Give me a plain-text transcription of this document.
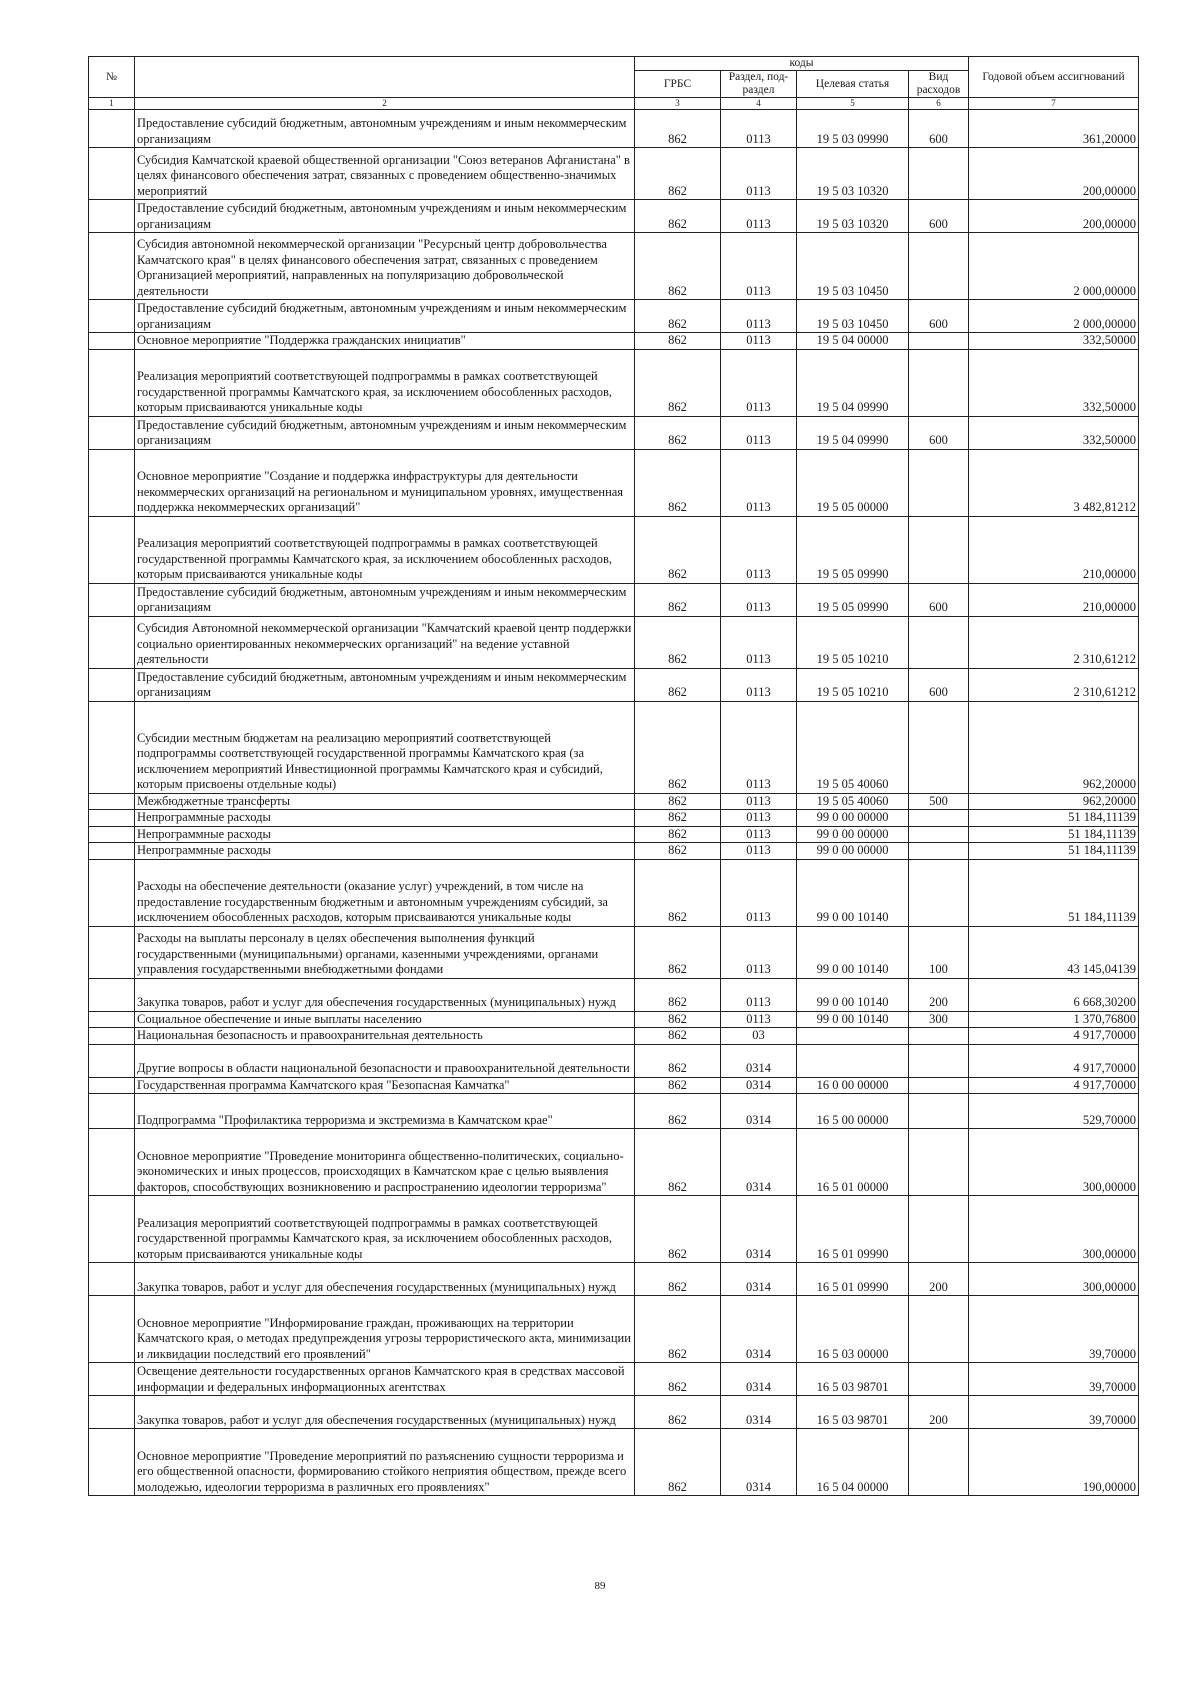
№		коды				Годовой объем ассигнований
		ГРБС	Раздел, под-раздел	Целевая статья	Вид расходов	
1	2	3	4	5	6	7
	Предоставление субсидий бюджетным, автономным учреждениям и иным некоммерческим организациям	862	0113	19 5 03 09990	600	361,20000
	Субсидия Камчатской краевой общественной организации "Союз ветеранов Афганистана" в целях финансового обеспечения затрат, связанных с проведением общественно-значимых мероприятий	862	0113	19 5 03 10320		200,00000
	Предоставление субсидий бюджетным, автономным учреждениям и иным некоммерческим организациям	862	0113	19 5 03 10320	600	200,00000
	Субсидия автономной некоммерческой организации "Ресурсный центр добровольчества Камчатского края" в целях финансового обеспечения затрат, связанных с проведением Организацией мероприятий, направленных на популяризацию добровольческой деятельности	862	0113	19 5 03 10450		2 000,00000
	Предоставление субсидий бюджетным, автономным учреждениям и иным некоммерческим организациям	862	0113	19 5 03 10450	600	2 000,00000
	Основное мероприятие "Поддержка гражданских инициатив"	862	0113	19 5 04 00000		332,50000
	Реализация мероприятий соответствующей подпрограммы в рамках соответствующей государственной программы Камчатского края, за исключением обособленных расходов, которым присваиваются уникальные коды	862	0113	19 5 04 09990		332,50000
	Предоставление субсидий бюджетным, автономным учреждениям и иным некоммерческим организациям	862	0113	19 5 04 09990	600	332,50000
	Основное мероприятие "Создание и поддержка инфраструктуры для деятельности некоммерческих организаций на региональном и муниципальном уровнях, имущественная поддержка некоммерческих организаций"	862	0113	19 5 05 00000		3 482,81212
	Реализация мероприятий соответствующей подпрограммы в рамках соответствующей государственной программы Камчатского края, за исключением обособленных расходов, которым присваиваются уникальные коды	862	0113	19 5 05 09990		210,00000
	Предоставление субсидий бюджетным, автономным учреждениям и иным некоммерческим организациям	862	0113	19 5 05 09990	600	210,00000
	Субсидия Автономной некоммерческой организации "Камчатский краевой центр поддержки социально ориентированных некоммерческих организаций" на ведение уставной деятельности	862	0113	19 5 05 10210		2 310,61212
	Предоставление субсидий бюджетным, автономным учреждениям и иным некоммерческим организациям	862	0113	19 5 05 10210	600	2 310,61212
	Субсидии местным бюджетам на реализацию мероприятий соответствующей подпрограммы соответствующей государственной программы Камчатского края (за исключением мероприятий Инвестиционной программы Камчатского края и субсидий, которым присвоены отдельные коды)	862	0113	19 5 05 40060		962,20000
	Межбюджетные трансферты	862	0113	19 5 05 40060	500	962,20000
	Непрограммные расходы	862	0113	99 0 00 00000		51 184,11139
	Непрограммные расходы	862	0113	99 0 00 00000		51 184,11139
	Непрограммные расходы	862	0113	99 0 00 00000		51 184,11139
	Расходы на обеспечение деятельности (оказание услуг) учреждений, в том числе на предоставление государственным бюджетным и автономным учреждениям субсидий, за исключением обособленных расходов, которым присваиваются уникальные коды	862	0113	99 0 00 10140		51 184,11139
	Расходы на выплаты персоналу в целях обеспечения выполнения функций государственными (муниципальными) органами, казенными учреждениями, органами управления государственными внебюджетными фондами	862	0113	99 0 00 10140	100	43 145,04139
	Закупка товаров, работ и услуг для обеспечения государственных (муниципальных) нужд	862	0113	99 0 00 10140	200	6 668,30200
	Социальное обеспечение и иные выплаты населению	862	0113	99 0 00 10140	300	1 370,76800
	Национальная безопасность и правоохранительная деятельность	862	03			4 917,70000
	Другие вопросы в области национальной безопасности и правоохранительной деятельности	862	0314			4 917,70000
	Государственная программа Камчатского края "Безопасная Камчатка"	862	0314	16 0 00 00000		4 917,70000
	Подпрограмма "Профилактика терроризма и экстремизма в Камчатском крае"	862	0314	16 5 00 00000		529,70000
	Основное мероприятие "Проведение мониторинга общественно-политических, социально-экономических и иных процессов, происходящих в Камчатском крае с целью выявления факторов, способствующих возникновению и распространению идеологии терроризма"	862	0314	16 5 01 00000		300,00000
	Реализация мероприятий соответствующей подпрограммы в рамках соответствующей государственной программы Камчатского края, за исключением обособленных расходов, которым присваиваются уникальные коды	862	0314	16 5 01 09990		300,00000
	Закупка товаров, работ и услуг для обеспечения государственных (муниципальных) нужд	862	0314	16 5 01 09990	200	300,00000
	Основное мероприятие "Информирование граждан, проживающих на территории Камчатского края, о методах предупреждения угрозы террористического акта, минимизации и ликвидации последствий его проявлений"	862	0314	16 5 03 00000		39,70000
	Освещение деятельности государственных органов Камчатского края в средствах массовой информации и федеральных информационных агентствах	862	0314	16 5 03 98701		39,70000
	Закупка товаров, работ и услуг для обеспечения государственных (муниципальных) нужд	862	0314	16 5 03 98701	200	39,70000
	Основное мероприятие "Проведение мероприятий по разъяснению сущности терроризма и его общественной опасности, формированию стойкого неприятия обществом, прежде всего молодежью, идеологии терроризма в различных его проявлениях"	862	0314	16 5 04 00000		190,00000
89
